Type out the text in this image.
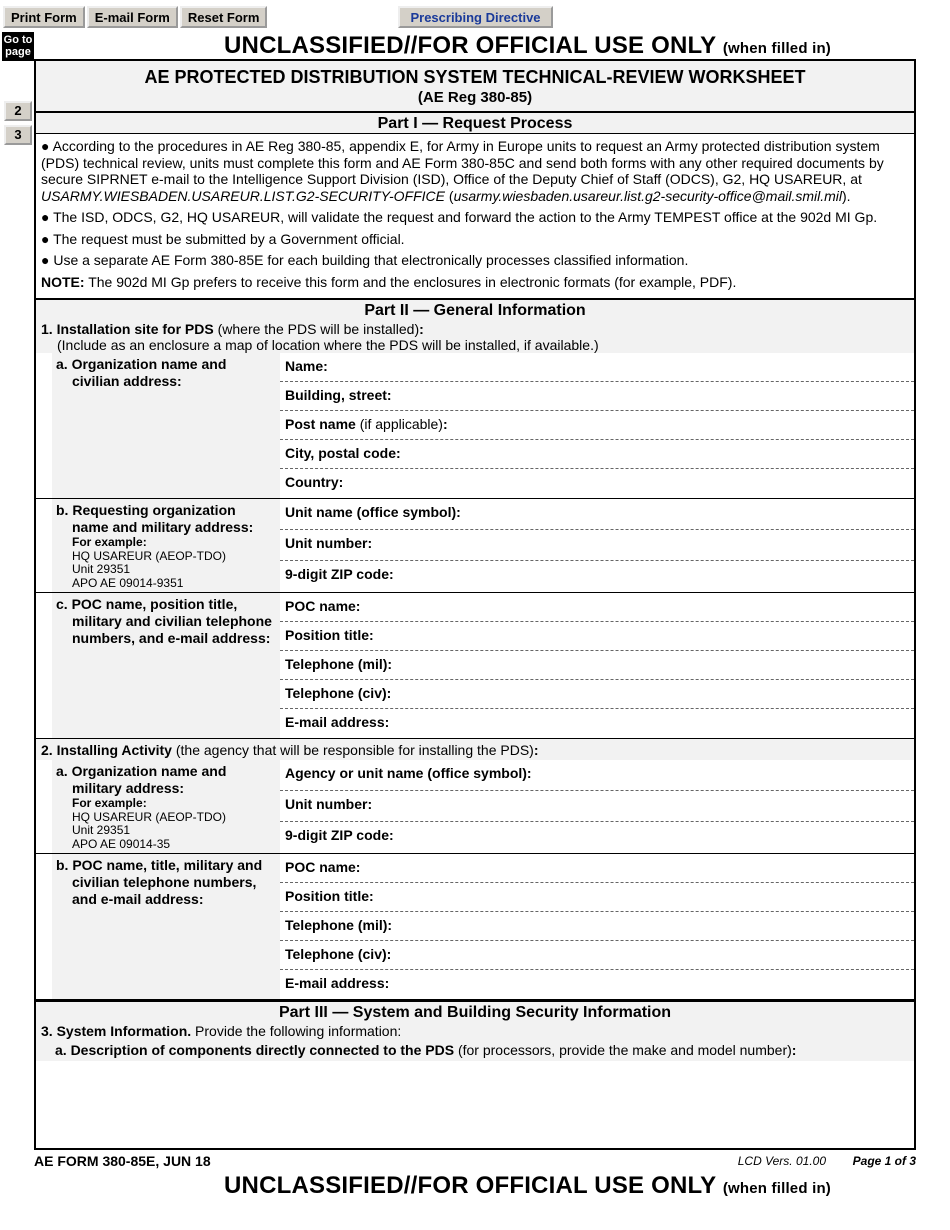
Print Form	E-mail Form	Reset Form	Prescribing Directive
Go to page
2
3
UNCLASSIFIED//FOR OFFICIAL USE ONLY (when filled in)
AE PROTECTED DISTRIBUTION SYSTEM TECHNICAL-REVIEW WORKSHEET
(AE Reg 380-85)
Part I — Request Process

● According to the procedures in AE Reg 380-85, appendix E, for Army in Europe units to request an Army protected distribution system (PDS) technical review, units must complete this form and AE Form 380-85C and send both forms with any other required documents by secure SIPRNET e-mail to the Intelligence Support Division (ISD), Office of the Deputy Chief of Staff (ODCS), G2, HQ USAREUR, at USARMY.WIESBADEN.USAREUR.LIST.G2-SECURITY-OFFICE (usarmy.wiesbaden.usareur.list.g2-security-office@mail.smil.mil).

● The ISD, ODCS, G2, HQ USAREUR, will validate the request and forward the action to the Army TEMPEST office at the 902d MI Gp.

● The request must be submitted by a Government official.

● Use a separate AE Form 380-85E for each building that electronically processes classified information.

NOTE: The 902d MI Gp prefers to receive this form and the enclosures in electronic formats (for example, PDF).

Part II — General Information
1. Installation site for PDS (where the PDS will be installed):
(Include as an enclosure a map of location where the PDS will be installed, if available.)
a. Organization name and civilian address:
Name:
Building, street:
Post name (if applicable):
City, postal code:
Country:
b. Requesting organization name and military address:
For example:
HQ USAREUR (AEOP-TDO)
Unit 29351
APO AE 09014-9351
Unit name (office symbol):
Unit number:
9-digit ZIP code:
c. POC name, position title, military and civilian telephone numbers, and e-mail address:
POC name:
Position title:
Telephone (mil):
Telephone (civ):
E-mail address:
2. Installing Activity (the agency that will be responsible for installing the PDS):
a. Organization name and military address:
For example:
HQ USAREUR (AEOP-TDO)
Unit 29351
APO AE 09014-35
Agency or unit name (office symbol):
Unit number:
9-digit ZIP code:
b. POC name, title, military and civilian telephone numbers, and e-mail address:
POC name:
Position title:
Telephone (mil):
Telephone (civ):
E-mail address:
Part III — System and Building Security Information
3. System Information. Provide the following information:
a. Description of components directly connected to the PDS (for processors, provide the make and model number):
AE FORM 380-85E, JUN 18	LCD Vers. 01.00 Page 1 of 3
UNCLASSIFIED//FOR OFFICIAL USE ONLY (when filled in)
